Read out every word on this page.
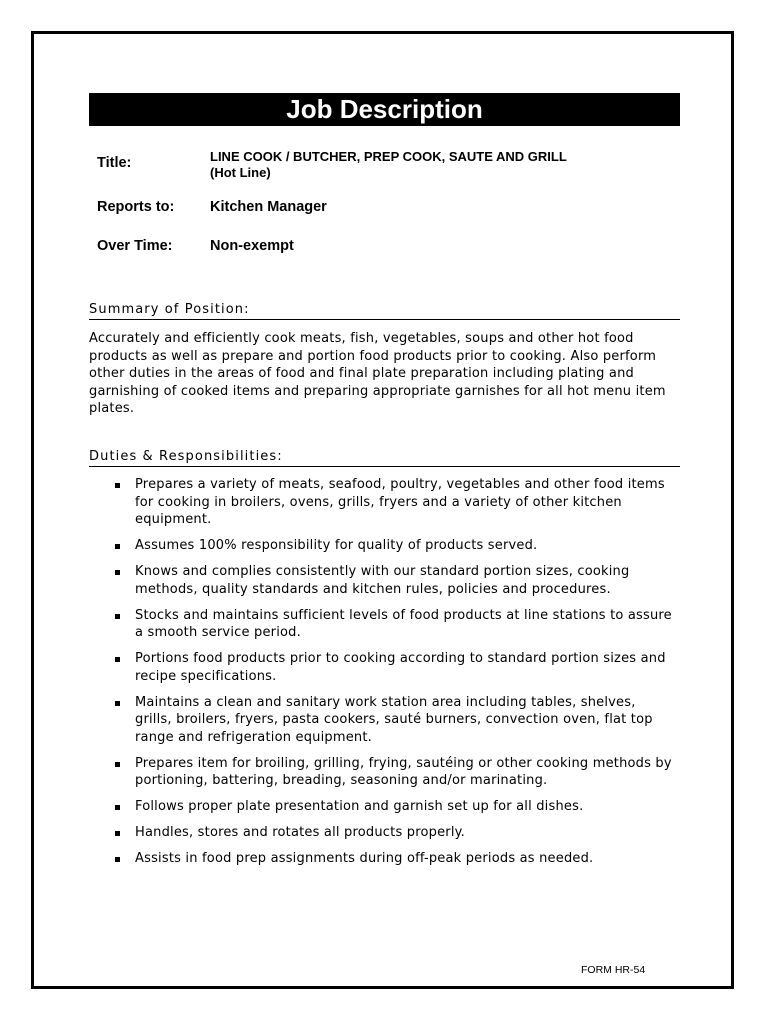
Job Description
Title:	LINE COOK / BUTCHER, PREP COOK, SAUTE AND GRILL
(Hot Line)
Reports to: Kitchen Manager
Over Time:	Non-exempt
Summary of Position:

Accurately and efficiently cook meats, fish, vegetables, soups and other hot food products as well as prepare and portion food products prior to cooking. Also perform other duties in the areas of food and final plate preparation including plating and garnishing of cooked items and preparing appropriate garnishes for all hot menu item plates.

Duties & Responsibilities:
Prepares a variety of meats, seafood, poultry, vegetables and other food items for cooking in broilers, ovens, grills, fryers and a variety of other kitchen equipment.
Assumes 100% responsibility for quality of products served.
Knows and complies consistently with our standard portion sizes, cooking methods, quality standards and kitchen rules, policies and procedures.
Stocks and maintains sufficient levels of food products at line stations to assure a smooth service period.
Portions food products prior to cooking according to standard portion sizes and recipe specifications.
Maintains a clean and sanitary work station area including tables, shelves, grills, broilers, fryers, pasta cookers, sauté burners, convection oven, flat top range and refrigeration equipment.
Prepares item for broiling, grilling, frying, sautéing or other cooking methods by portioning, battering, breading, seasoning and/or marinating.
Follows proper plate presentation and garnish set up for all dishes.
Handles, stores and rotates all products properly.
Assists in food prep assignments during off-peak periods as needed.
FORM HR-54
